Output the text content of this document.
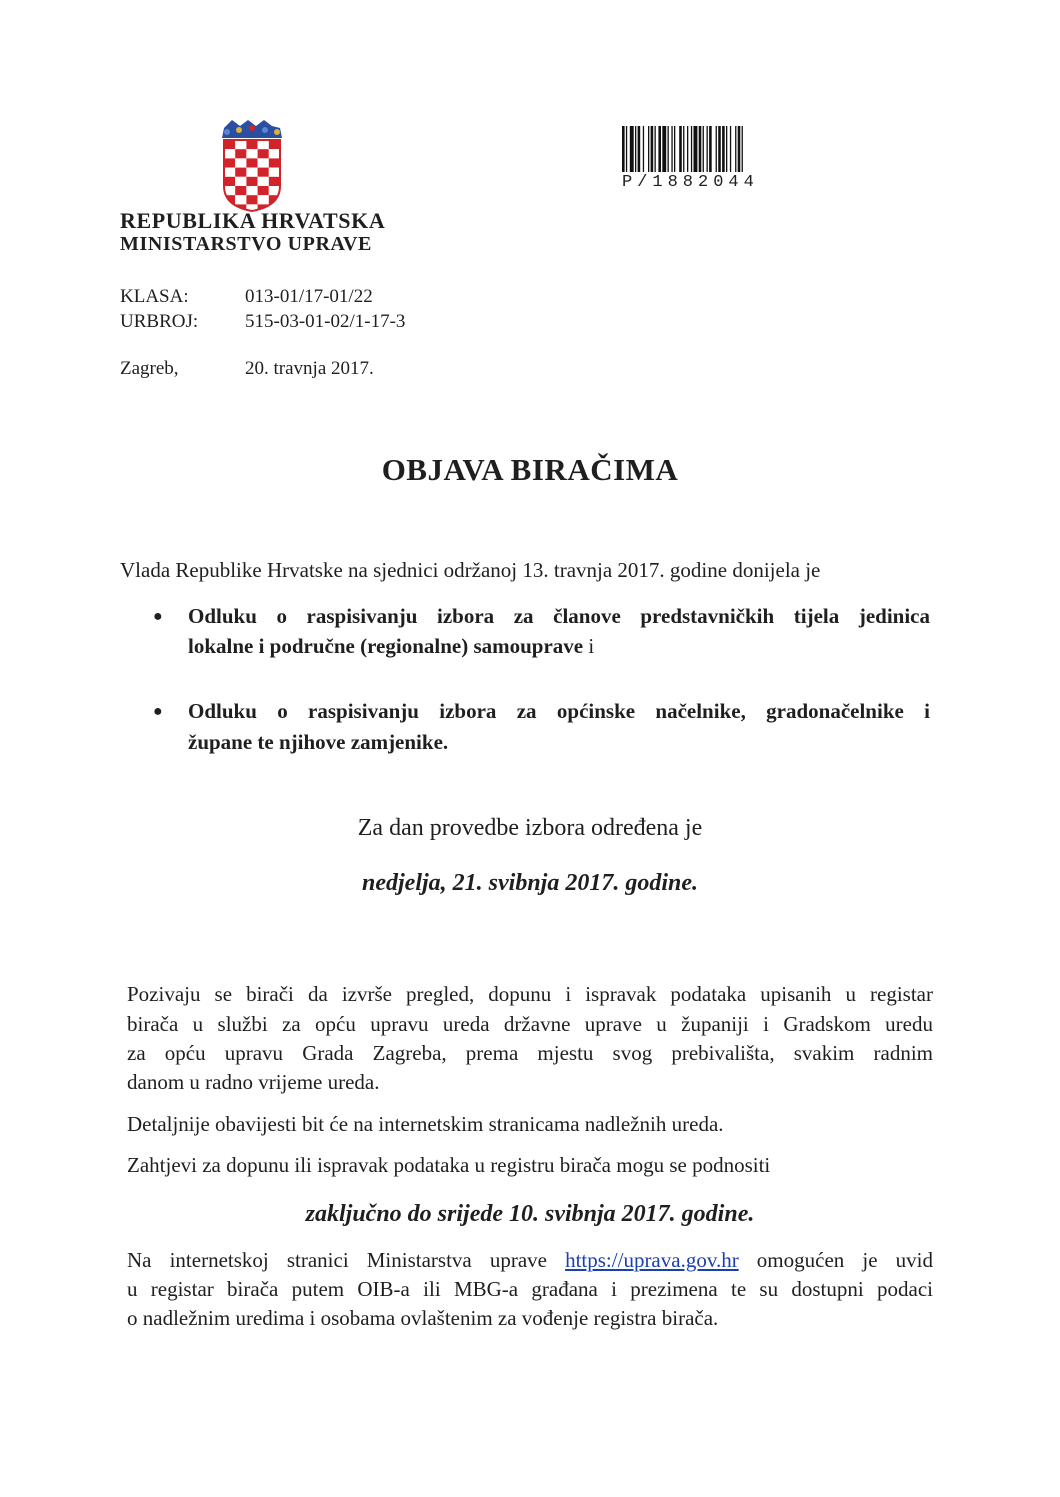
P/1882044
REPUBLIKA HRVATSKA
MINISTARSTVO UPRAVE
KLASA:	013-01/17-01/22
URBROJ: 515-03-01-02/1-17-3
Zagreb,	20. travnja 2017.
OBJAVA BIRAČIMA
Vlada Republike Hrvatske na sjednici održanoj 13. travnja 2017. godine donijela je
● Odluku o raspisivanju izbora za članove predstavničkih tijela jedinica
lokalne i područne (regionalne) samouprave i
● Odluku o raspisivanju izbora za općinske načelnike, gradonačelnike i
župane te njihove zamjenike.
Za dan provedbe izbora određena je
nedjelja, 21. svibnja 2017. godine.
Pozivaju se birači da izvrše pregled, dopunu i ispravak podataka upisanih u registar
birača u službi za opću upravu ureda državne uprave u županiji i Gradskom uredu
za opću upravu Grada Zagreba, prema mjestu svog prebivališta, svakim radnim
danom u radno vrijeme ureda.
Detaljnije obavijesti bit će na internetskim stranicama nadležnih ureda.
Zahtjevi za dopunu ili ispravak podataka u registru birača mogu se podnositi
zaključno do srijede 10. svibnja 2017. godine.
Na internetskoj stranici Ministarstva uprave https://uprava.gov.hr omogućen je uvid
u registar birača putem OIB-a ili MBG-a građana i prezimena te su dostupni podaci
o nadležnim uredima i osobama ovlaštenim za vođenje registra birača.
